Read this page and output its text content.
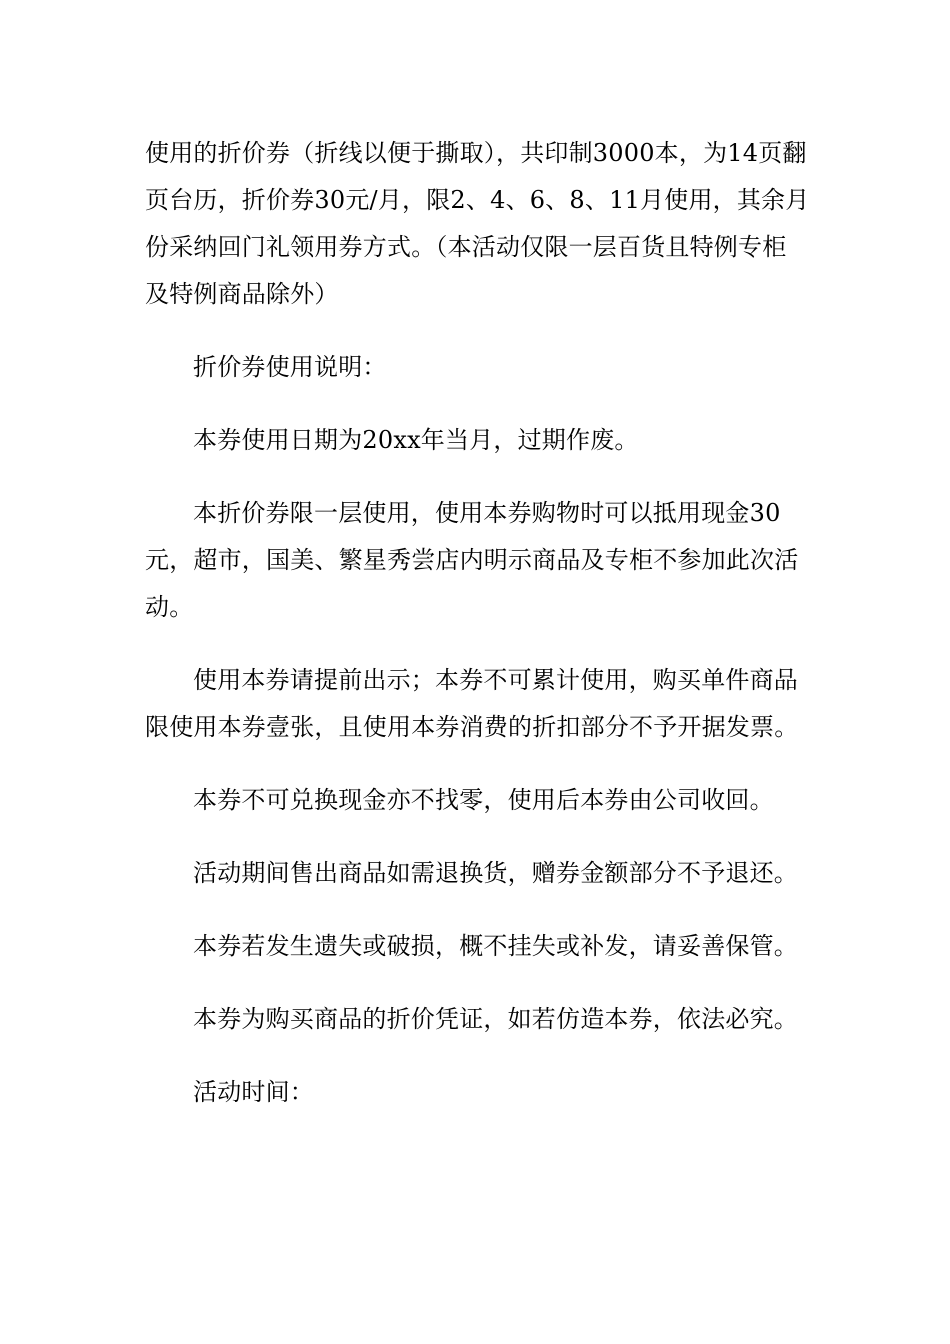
使用的折价券（折线以便于撕取），共印制3000本，为14页翻页台历，折价券30元/月，限2、4、6、8、11月使用，其余月份采纳回门礼领用券方式。（本活动仅限一层百货且特例专柜及特例商品除外）

折价券使用说明：

本券使用日期为20xx年当月，过期作废。

本折价券限一层使用，使用本券购物时可以抵用现金30元，超市，国美、繁星秀尝店内明示商品及专柜不参加此次活动。

使用本券请提前出示；本券不可累计使用，购买单件商品限使用本券壹张，且使用本券消费的折扣部分不予开据发票。

本券不可兑换现金亦不找零，使用后本券由公司收回。

活动期间售出商品如需退换货，赠券金额部分不予退还。

本券若发生遗失或破损，概不挂失或补发，请妥善保管。

本券为购买商品的折价凭证，如若仿造本券，依法必究。

活动时间：
